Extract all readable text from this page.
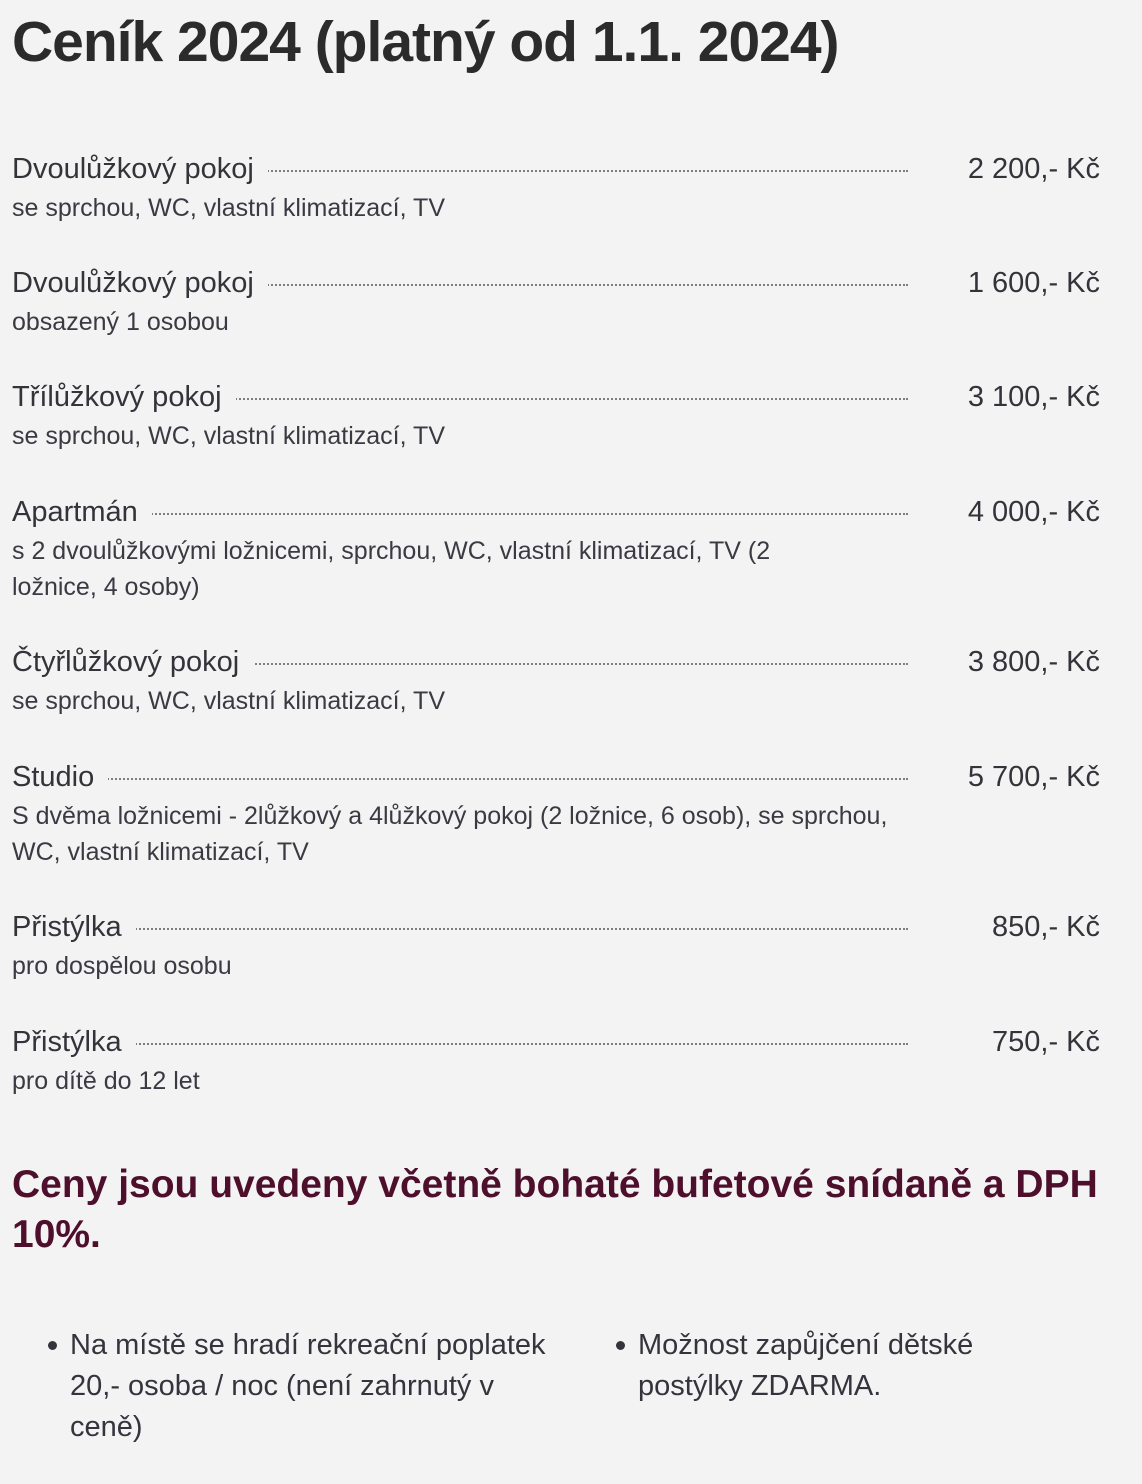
Ceník 2024 (platný od 1.1. 2024)
Dvoulůžkový pokoj	2 200,- Kč
se sprchou, WC, vlastní klimatizací, TV
Dvoulůžkový pokoj	1 600,- Kč
obsazený 1 osobou
Třílůžkový pokoj	3 100,- Kč
se sprchou, WC, vlastní klimatizací, TV
Apartmán	4 000,- Kč
s 2 dvoulůžkovými ložnicemi, sprchou, WC, vlastní klimatizací, TV (2 ložnice, 4 osoby)
Čtyřlůžkový pokoj	3 800,- Kč
se sprchou, WC, vlastní klimatizací, TV
Studio	5 700,- Kč
S dvěma ložnicemi - 2lůžkový a 4lůžkový pokoj (2 ložnice, 6 osob), se sprchou, WC, vlastní klimatizací, TV
Přistýlka	850,- Kč
pro dospělou osobu
Přistýlka	750,- Kč
pro dítě do 12 let
Ceny jsou uvedeny včetně bohaté bufetové snídaně a DPH 10%.
Na místě se hradí rekreační poplatek 20,- osoba / noc (není zahrnutý v ceně)
Možnost zapůjčení dětské postýlky ZDARMA.
